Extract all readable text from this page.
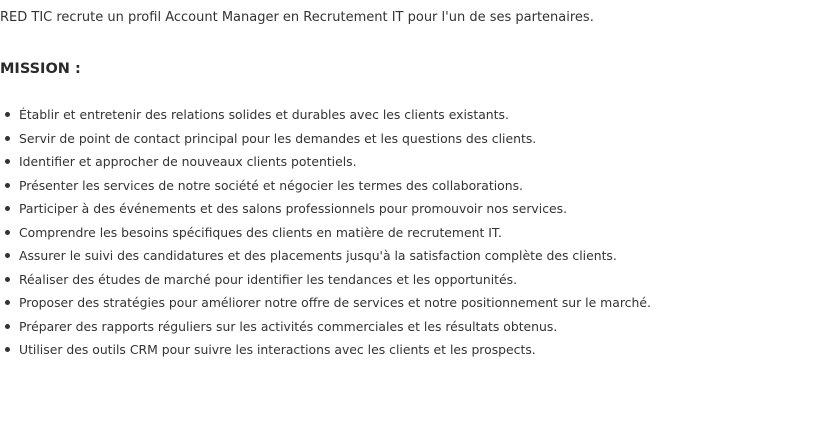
RED TIC recrute un profil Account Manager en Recrutement IT pour l'un de ses partenaires.

MISSION :
Établir et entretenir des relations solides et durables avec les clients existants.
Servir de point de contact principal pour les demandes et les questions des clients.
Identifier et approcher de nouveaux clients potentiels.
Présenter les services de notre société et négocier les termes des collaborations.
Participer à des événements et des salons professionnels pour promouvoir nos services.
Comprendre les besoins spécifiques des clients en matière de recrutement IT.
Assurer le suivi des candidatures et des placements jusqu'à la satisfaction complète des clients.
Réaliser des études de marché pour identifier les tendances et les opportunités.
Proposer des stratégies pour améliorer notre offre de services et notre positionnement sur le marché.
Préparer des rapports réguliers sur les activités commerciales et les résultats obtenus.
Utiliser des outils CRM pour suivre les interactions avec les clients et les prospects.
